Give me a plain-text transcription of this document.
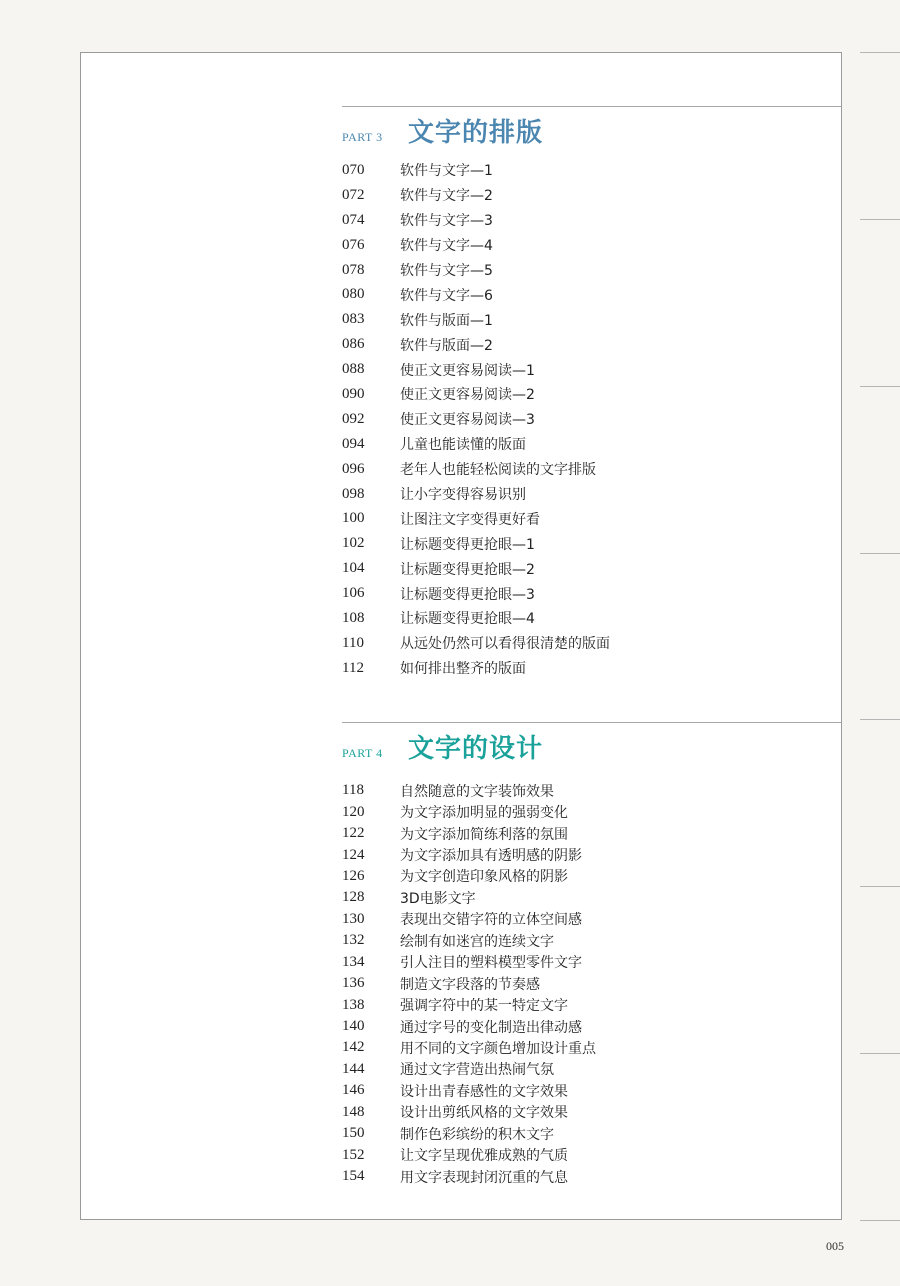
PART 3 文字的排版
070	软件与文字—1
072	软件与文字—2
074	软件与文字—3
076	软件与文字—4
078	软件与文字—5
080	软件与文字—6
083	软件与版面—1
086	软件与版面—2
088	使正文更容易阅读—1
090	使正文更容易阅读—2
092	使正文更容易阅读—3
094	儿童也能读懂的版面
096	老年人也能轻松阅读的文字排版
098	让小字变得容易识别
100	让图注文字变得更好看
102	让标题变得更抢眼—1
104	让标题变得更抢眼—2
106	让标题变得更抢眼—3
108	让标题变得更抢眼—4
110	从远处仍然可以看得很清楚的版面
112	如何排出整齐的版面
PART 4 文字的设计
118	自然随意的文字装饰效果
120	为文字添加明显的强弱变化
122	为文字添加简练利落的氛围
124	为文字添加具有透明感的阴影
126	为文字创造印象风格的阴影
128	3D电影文字
130	表现出交错字符的立体空间感
132	绘制有如迷宫的连续文字
134	引人注目的塑料模型零件文字
136	制造文字段落的节奏感
138	强调字符中的某一特定文字
140	通过字号的变化制造出律动感
142	用不同的文字颜色增加设计重点
144	通过文字营造出热闹气氛
146	设计出青春感性的文字效果
148	设计出剪纸风格的文字效果
150	制作色彩缤纷的积木文字
152	让文字呈现优雅成熟的气质
154	用文字表现封闭沉重的气息
005
